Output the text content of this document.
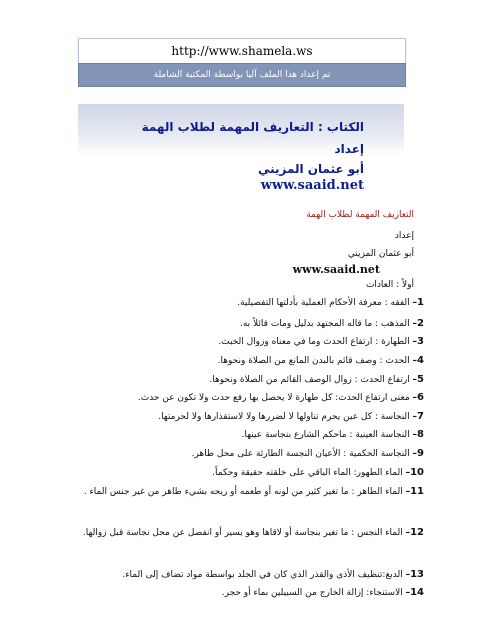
http://www.shamela.ws
تم إعداد هذا الملف آليا بواسطة المكتبة الشاملة
الكتاب : التعاريف المهمة لطلاب الهمة
إعداد
أبو عثمان المزيني
www.saaid.net
التعاريف المهمة لطلاب الهمة
إعداد
أبو عثمان المزيني
www.saaid.net
أولاً : العادات
1– الفقه : معرفة الأحكام العملية بأدلتها التفصيلية.
2– المذهب : ما قاله المجتهد بدليل ومات قائلاً به.
3– الطهارة : ارتفاع الحدث وما في معناه وزوال الخبث.
4– الحدث : وصف قائم بالبدن المانع من الصلاة ونحوها.
5– ارتفاع الحدث : زوال الوصف القائم من الصلاة ونحوها.
6– معنى ارتفاع الحدث: كل طهارة لا يحصل بها رفع حدث ولا تكون عن حدث.
7– النجاسة : كل عين يحرم تناولها لا لضررها ولا لاستقذارها ولا لحرمتها.
8– النجاسة العينية : ماحكم الشارع بنجاسة عينها.
9– النجاسة الحكمية : الأعيان النجسة الطارئة على محل طاهر.
10– الماء الطهور: الماء الباقي على خلقته حقيقة وحكماً.
11– الماء الطاهر : ما تغير كثير من لونه أو طعمه أو ريحه بشيء طاهر من غير جنس الماء .
12– الماء النجس : ما تغير بنجاسة أو لاقاها وهو يسير أو انفصل عن محل نجاسة قبل زوالها.
13– الدبغ:تنظيف الأذى والقذر الذي كان في الجلد بواسطة مواد تضاف إلى الماء.
14– الاستنجاء: إزالة الخارج من السبيلين بماء أو حجر.
